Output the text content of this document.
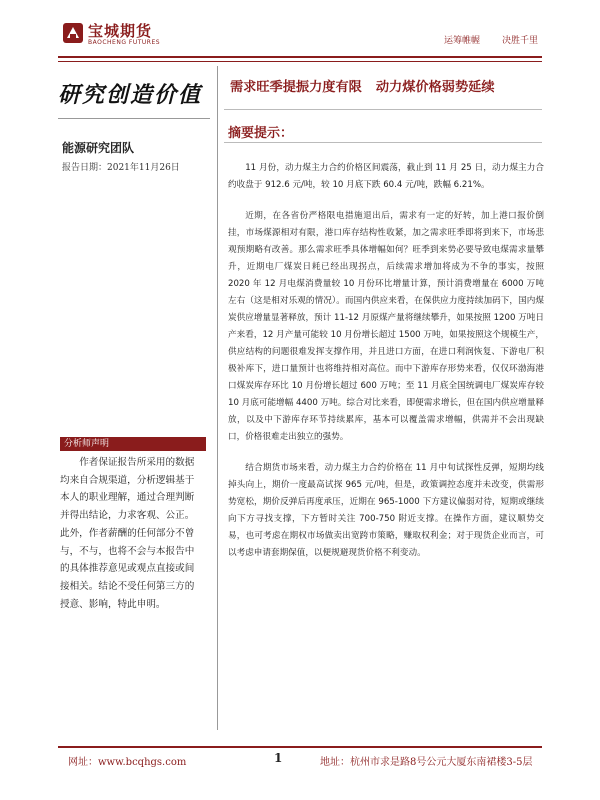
宝城期货
BAOCHENG FUTURES	运筹帷幄 决胜千里
研究创造价值
能源研究团队
报告日期：2021年11月26日
分析师声明

作者保证报告所采用的数据均来自合规渠道，分析逻辑基于本人的职业理解，通过合理判断并得出结论，力求客观、公正。此外，作者薪酬的任何部分不曾与，不与，也将不会与本报告中的具体推荐意见或观点直接或间接相关。结论不受任何第三方的授意、影响，特此申明。

需求旺季提振力度有限 动力煤价格弱势延续
摘要提示：

11 月份，动力煤主力合约价格区间震荡，截止到 11 月 25 日，动力煤主力合约收盘于 912.6 元/吨，较 10 月底下跌 60.4 元/吨，跌幅 6.21%。

近期，在各省份严格限电措施退出后，需求有一定的好转，加上港口报价倒挂，市场煤源相对有限，港口库存结构性收紧，加之需求旺季即将到来下，市场悲观预期略有改善。那么需求旺季具体增幅如何？旺季到来势必要导致电煤需求量攀升，近期电厂煤炭日耗已经出现拐点，后续需求增加将成为不争的事实，按照 2020 年 12 月电煤消费量较 10 月份环比增量计算，预计消费增量在 6000 万吨左右（这是相对乐观的情况）。而国内供应来看，在保供应力度持续加码下，国内煤炭供应增量显著释放，预计 11-12 月原煤产量将继续攀升，如果按照 1200 万吨日产来看，12 月产量可能较 10 月份增长超过 1500 万吨，如果按照这个规模生产，供应结构的问题很难发挥支撑作用，并且进口方面，在进口利润恢复、下游电厂积极补库下，进口量预计也将维持相对高位。而中下游库存形势来看，仅仅环渤海港口煤炭库存环比 10 月份增长超过 600 万吨；至 11 月底全国统调电厂煤炭库存较 10 月底可能增幅 4400 万吨。综合对比来看，即便需求增长，但在国内供应增量释放，以及中下游库存环节持续累库，基本可以覆盖需求增幅，供需并不会出现缺口，价格很难走出独立的强势。

结合期货市场来看，动力煤主力合约价格在 11 月中旬试探性反弹，短期均线掉头向上，期价一度最高试探 965 元/吨，但是，政策调控态度并未改变，供需形势宽松，期价反弹后再度承压，近期在 965-1000 下方建议偏弱对待，短期或继续向下方寻找支撑，下方暂时关注 700-750 附近支撑。在操作方面，建议顺势交易，也可考虑在期权市场做卖出宽跨市策略，赚取权利金；对于现货企业而言，可以考虑申请套期保值，以便规避现货价格不利变动。

网址：www.bcqhgs.com	1	地址：杭州市求是路8号公元大厦东南裙楼3-5层
